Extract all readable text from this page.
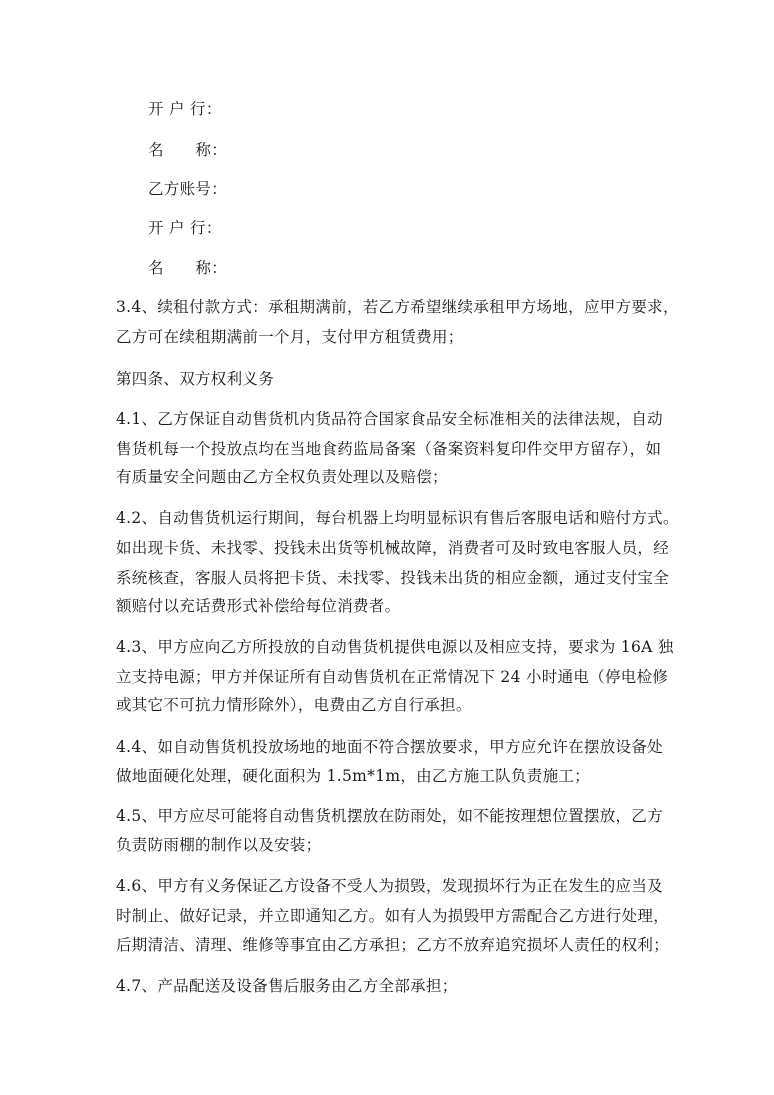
开 户 行：
名　　称：
乙方账号：
开 户 行：
名　　称：
3.4、续租付款方式：承租期满前，若乙方希望继续承租甲方场地，应甲方要求，
乙方可在续租期满前一个月，支付甲方租赁费用；
第四条、双方权利义务
4.1、乙方保证自动售货机内货品符合国家食品安全标准相关的法律法规，自动
售货机每一个投放点均在当地食药监局备案（备案资料复印件交甲方留存），如
有质量安全问题由乙方全权负责处理以及赔偿；
4.2、自动售货机运行期间，每台机器上均明显标识有售后客服电话和赔付方式。
如出现卡货、未找零、投钱未出货等机械故障，消费者可及时致电客服人员，经
系统核查，客服人员将把卡货、未找零、投钱未出货的相应金额，通过支付宝全
额赔付以充话费形式补偿给每位消费者。
4.3、甲方应向乙方所投放的自动售货机提供电源以及相应支持，要求为 16A 独
立支持电源；甲方并保证所有自动售货机在正常情况下 24 小时通电（停电检修
或其它不可抗力情形除外），电费由乙方自行承担。
4.4、如自动售货机投放场地的地面不符合摆放要求，甲方应允许在摆放设备处
做地面硬化处理，硬化面积为 1.5m*1m，由乙方施工队负责施工；
4.5、甲方应尽可能将自动售货机摆放在防雨处，如不能按理想位置摆放，乙方
负责防雨棚的制作以及安装；
4.6、甲方有义务保证乙方设备不受人为损毁，发现损坏行为正在发生的应当及
时制止、做好记录，并立即通知乙方。如有人为损毁甲方需配合乙方进行处理，
后期清洁、清理、维修等事宜由乙方承担；乙方不放弃追究损坏人责任的权利；
4.7、产品配送及设备售后服务由乙方全部承担；
